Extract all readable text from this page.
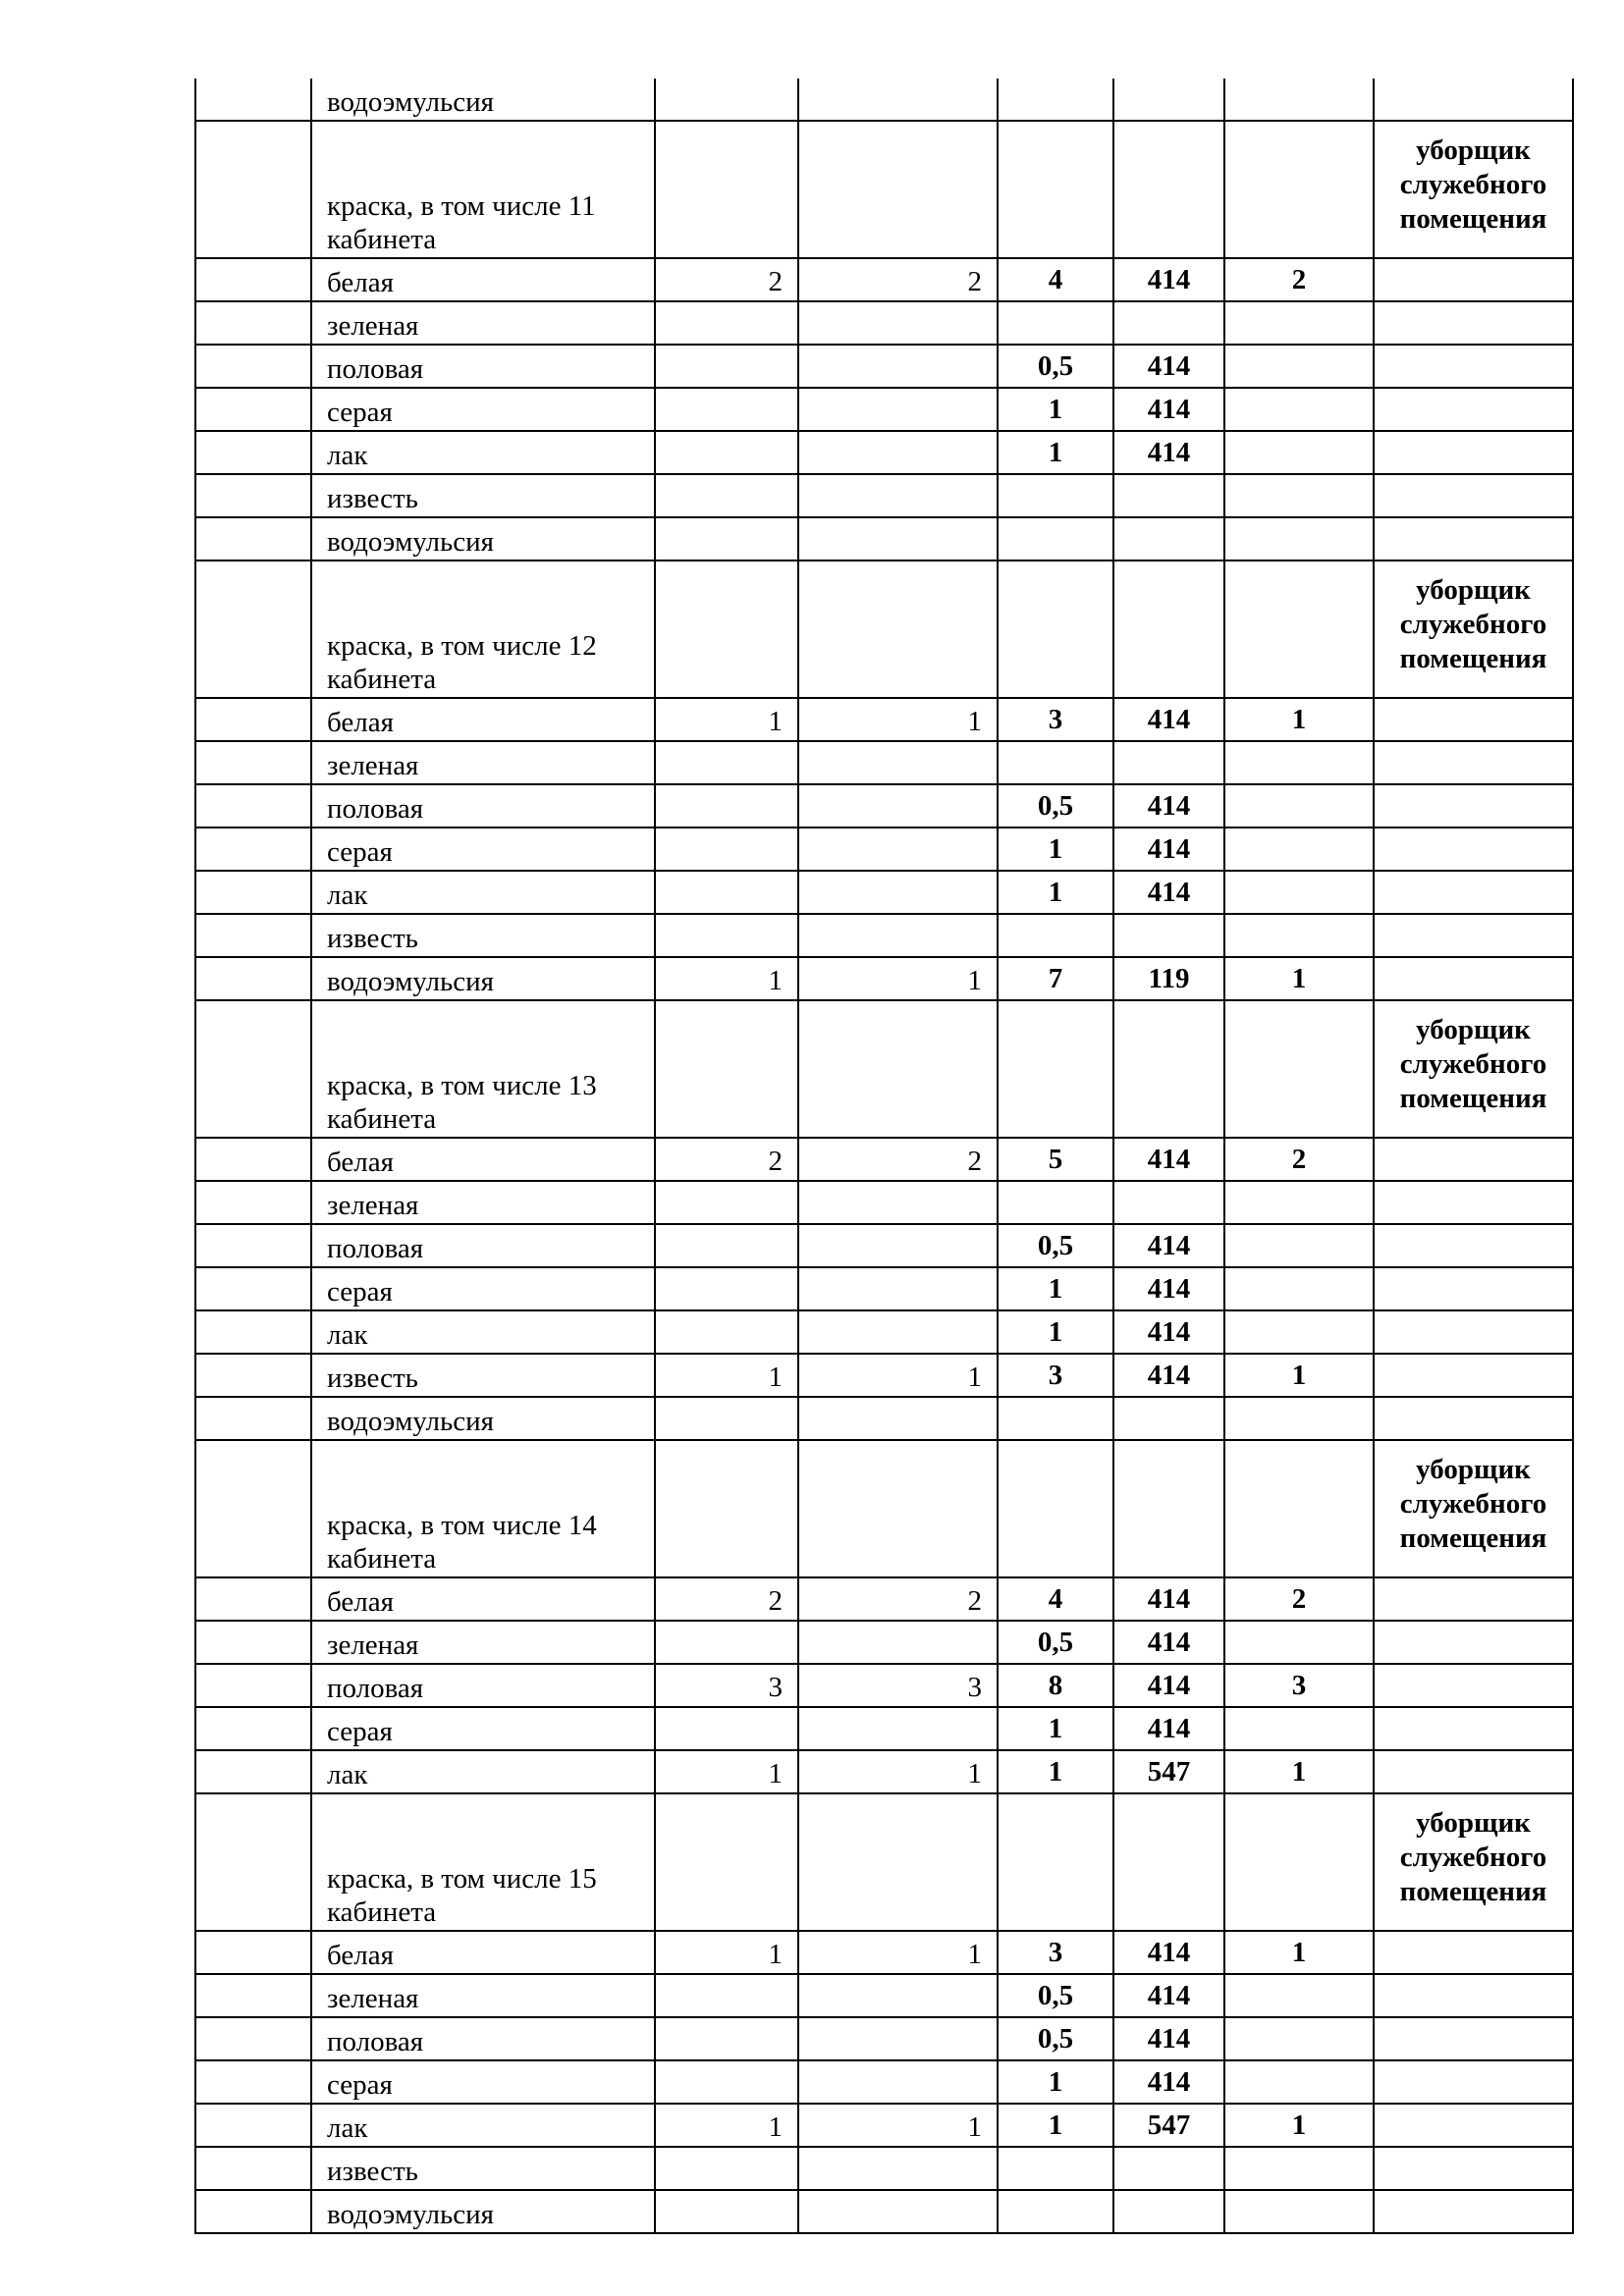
	водоэмульсия						
	краска, в том числе 11 кабинета						уборщик служебного помещения
	белая	2	2	4	414	2	
	зеленая						
	половая			0,5	414		
	серая			1	414		
	лак			1	414		
	известь						
	водоэмульсия						
	краска, в том числе 12 кабинета						уборщик служебного помещения
	белая	1	1	3	414	1	
	зеленая						
	половая			0,5	414		
	серая			1	414		
	лак			1	414		
	известь						
	водоэмульсия	1	1	7	119	1	
	краска, в том числе 13 кабинета						уборщик служебного помещения
	белая	2	2	5	414	2	
	зеленая						
	половая			0,5	414		
	серая			1	414		
	лак			1	414		
	известь	1	1	3	414	1	
	водоэмульсия						
	краска, в том числе 14 кабинета						уборщик служебного помещения
	белая	2	2	4	414	2	
	зеленая			0,5	414		
	половая	3	3	8	414	3	
	серая			1	414		
	лак	1	1	1	547	1	
	краска, в том числе 15 кабинета						уборщик служебного помещения
	белая	1	1	3	414	1	
	зеленая			0,5	414		
	половая			0,5	414		
	серая			1	414		
	лак	1	1	1	547	1	
	известь						
	водоэмульсия						
